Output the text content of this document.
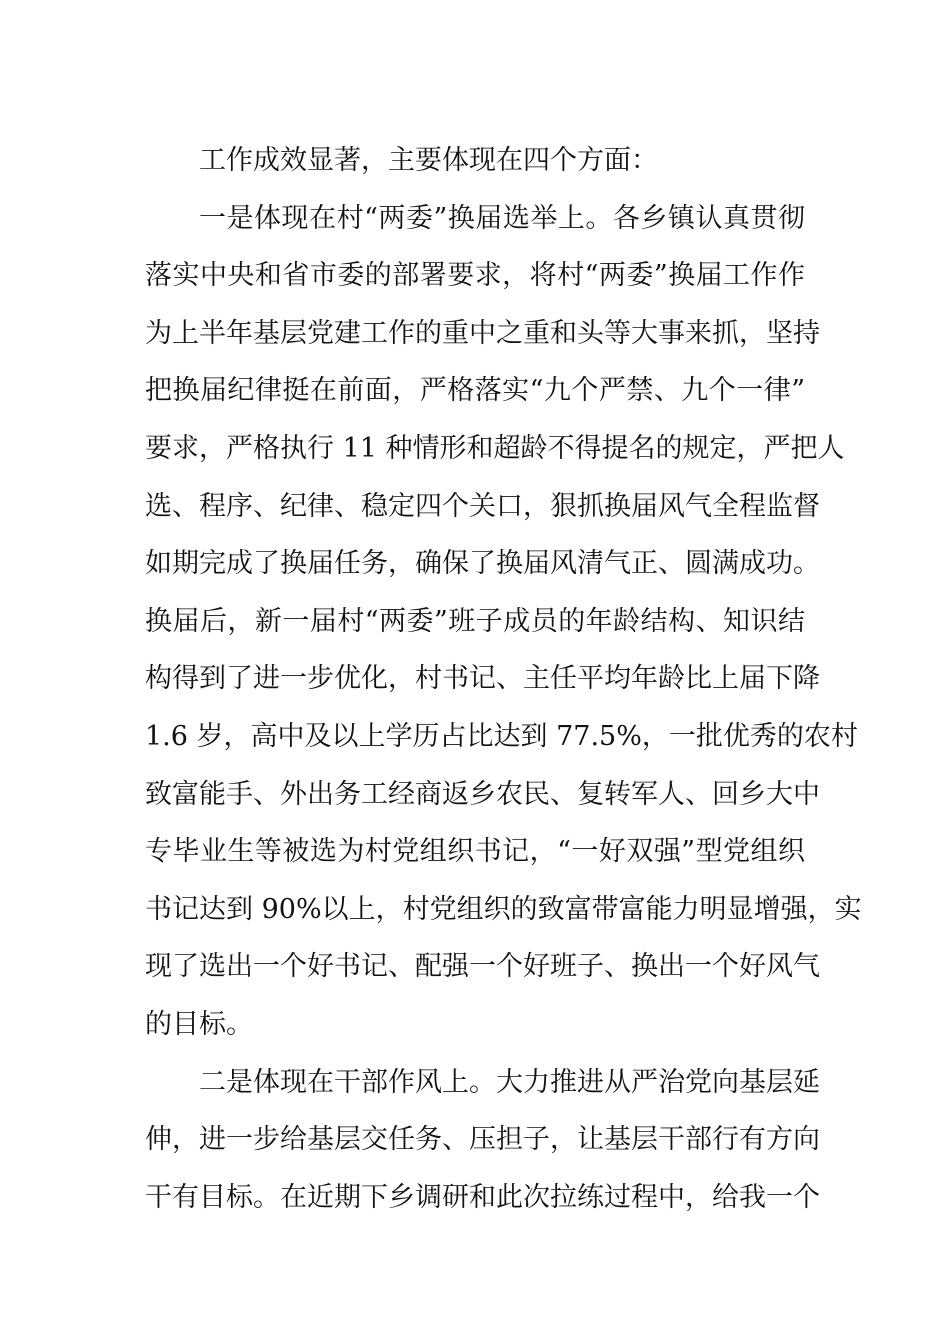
工作成效显著，主要体现在四个方面：
一是体现在村“两委”换届选举上。各乡镇认真贯彻
落实中央和省市委的部署要求，将村“两委”换届工作作
为上半年基层党建工作的重中之重和头等大事来抓，坚持
把换届纪律挺在前面，严格落实“九个严禁、九个一律”
要求，严格执行 11 种情形和超龄不得提名的规定，严把人
选、程序、纪律、稳定四个关口，狠抓换届风气全程监督
如期完成了换届任务，确保了换届风清气正、圆满成功。
换届后，新一届村“两委”班子成员的年龄结构、知识结
构得到了进一步优化，村书记、主任平均年龄比上届下降
1.6 岁，高中及以上学历占比达到 77.5%，一批优秀的农村
致富能手、外出务工经商返乡农民、复转军人、回乡大中
专毕业生等被选为村党组织书记，“一好双强”型党组织
书记达到 90%以上，村党组织的致富带富能力明显增强，实
现了选出一个好书记、配强一个好班子、换出一个好风气
的目标。
二是体现在干部作风上。大力推进从严治党向基层延
伸，进一步给基层交任务、压担子，让基层干部行有方向
干有目标。在近期下乡调研和此次拉练过程中，给我一个
